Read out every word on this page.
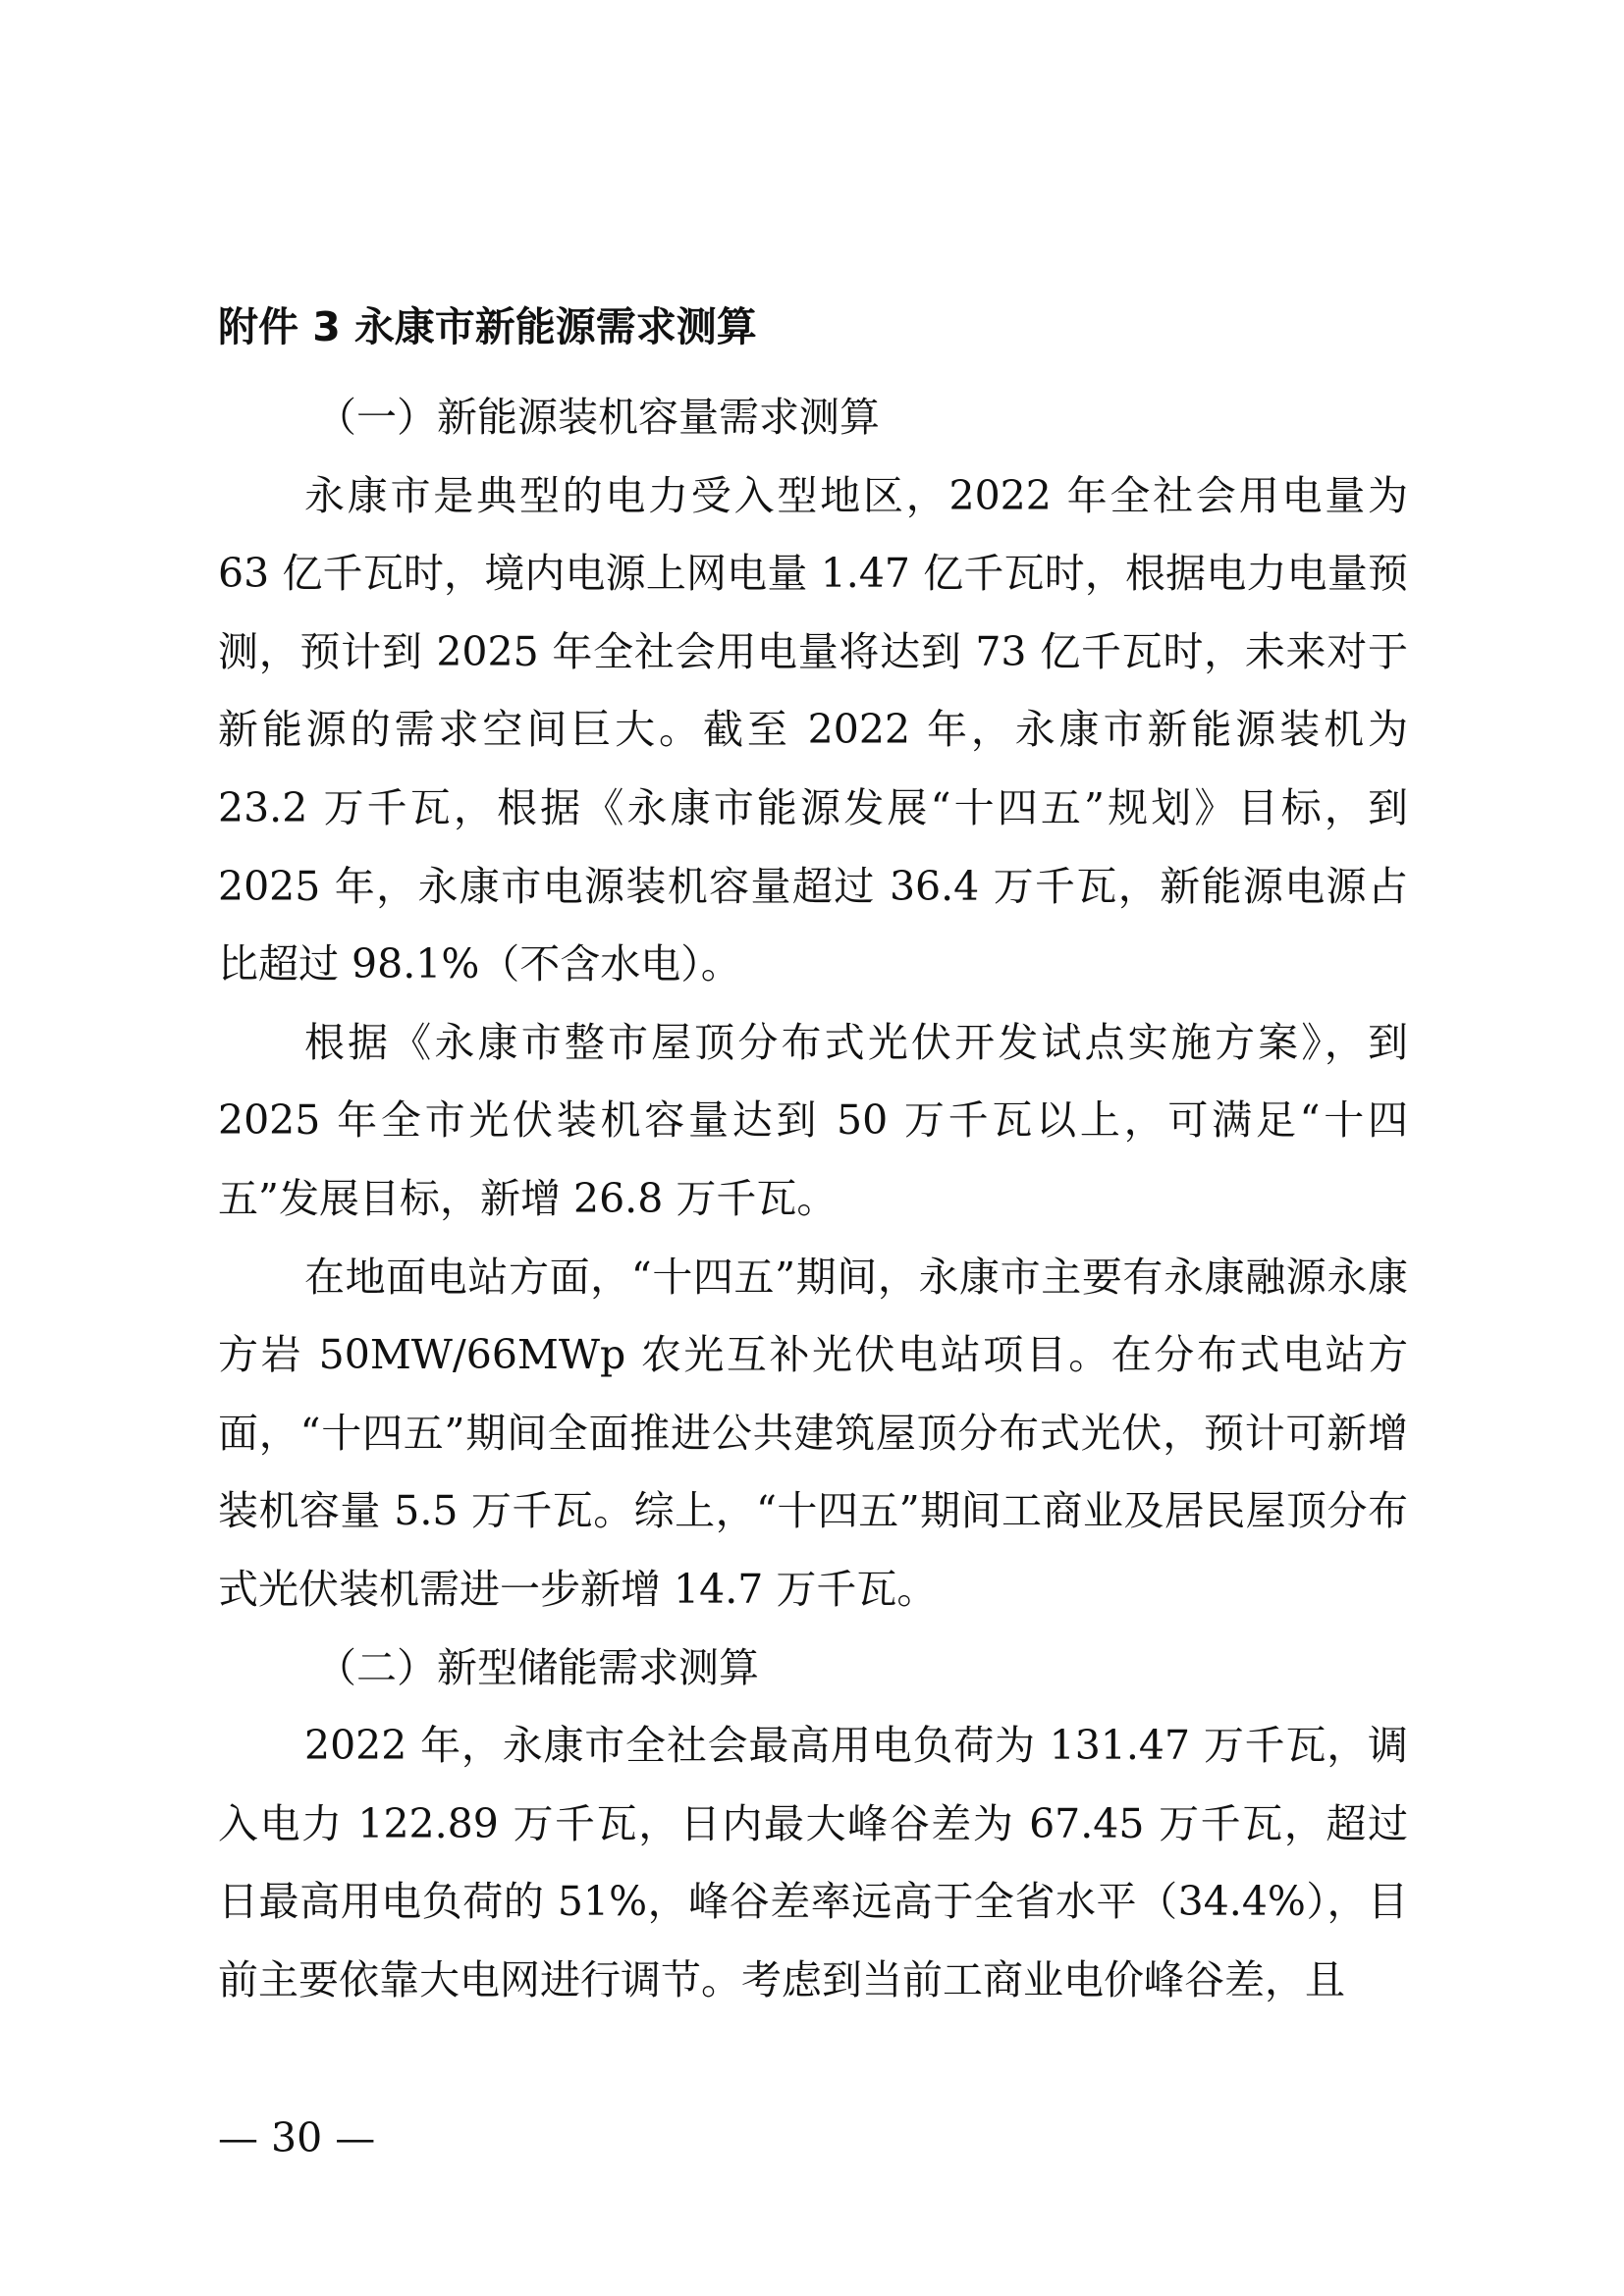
附件 3 永康市新能源需求测算

（一）新能源装机容量需求测算

永康市是典型的电力受入型地区，2022 年全社会用电量为 63 亿千瓦时，境内电源上网电量 1.47 亿千瓦时，根据电力电量预测，预计到 2025 年全社会用电量将达到 73 亿千瓦时，未来对于新能源的需求空间巨大。截至 2022 年，永康市新能源装机为 23.2 万千瓦，根据《永康市能源发展“十四五”规划》目标，到 2025 年，永康市电源装机容量超过 36.4 万千瓦，新能源电源占比超过 98.1%（不含水电）。

根据《永康市整市屋顶分布式光伏开发试点实施方案》，到 2025 年全市光伏装机容量达到 50 万千瓦以上，可满足“十四五”发展目标，新增 26.8 万千瓦。

在地面电站方面，“十四五”期间，永康市主要有永康融源永康方岩 50MW/66MWp 农光互补光伏电站项目。在分布式电站方面，“十四五”期间全面推进公共建筑屋顶分布式光伏，预计可新增装机容量 5.5 万千瓦。综上，“十四五”期间工商业及居民屋顶分布式光伏装机需进一步新增 14.7 万千瓦。

（二）新型储能需求测算

2022 年，永康市全社会最高用电负荷为 131.47 万千瓦，调入电力 122.89 万千瓦，日内最大峰谷差为 67.45 万千瓦，超过日最高用电负荷的 51%，峰谷差率远高于全省水平（34.4%），目前主要依靠大电网进行调节。考虑到当前工商业电价峰谷差，且

— 30 —
